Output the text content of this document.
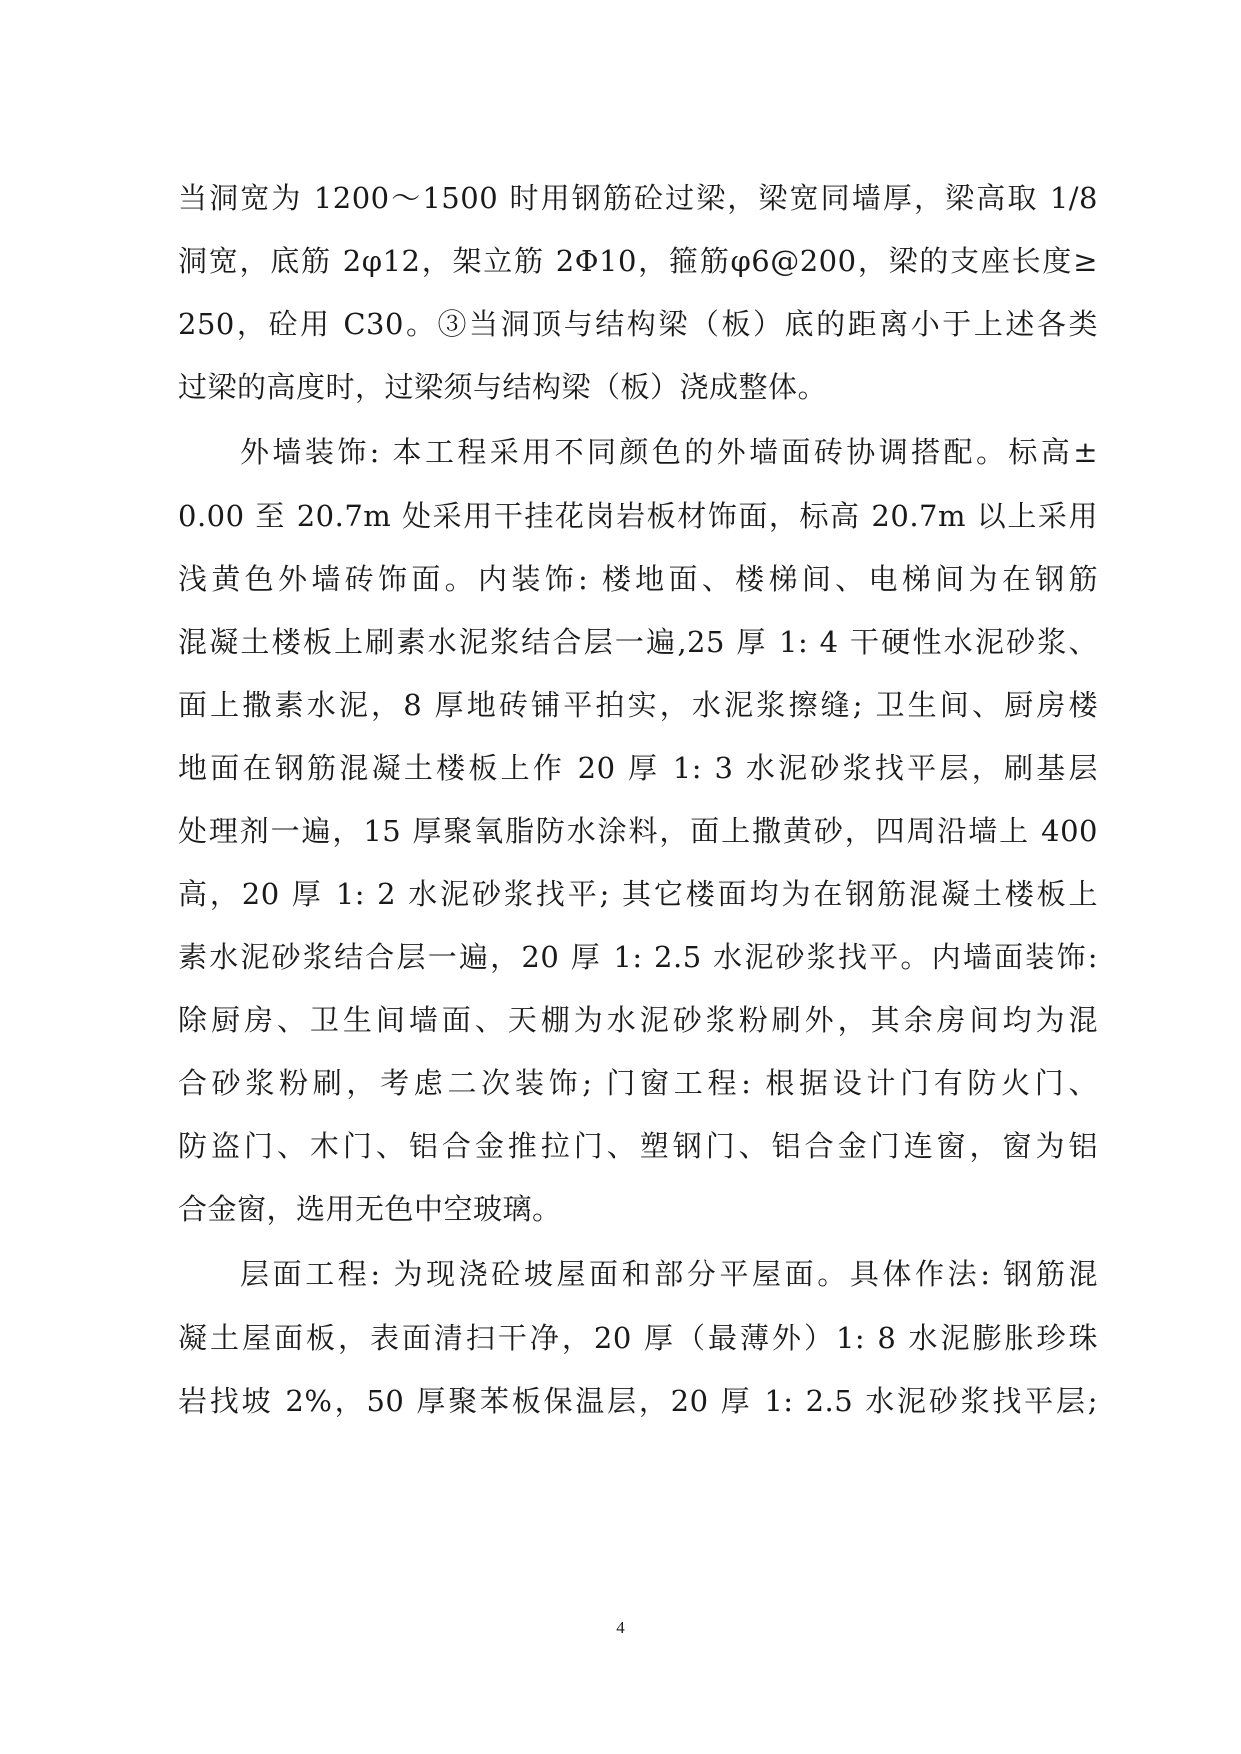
当洞宽为 1200～1500 时用钢筋砼过梁，梁宽同墙厚，梁高取 1/8
洞宽，底筋 2φ12，架立筋 2Φ10，箍筋φ6@200，梁的支座长度≥
250，砼用 C30。③当洞顶与结构梁（板）底的距离小于上述各类
过梁的高度时，过梁须与结构梁（板）浇成整体。
外墙装饰: 本工程采用不同颜色的外墙面砖协调搭配。标高±
0.00 至 20.7m 处采用干挂花岗岩板材饰面，标高 20.7m 以上采用
浅黄色外墙砖饰面。内装饰: 楼地面、楼梯间、电梯间为在钢筋
混凝土楼板上刷素水泥浆结合层一遍,25 厚 1: 4 干硬性水泥砂浆、
面上撒素水泥，8 厚地砖铺平拍实，水泥浆擦缝; 卫生间、厨房楼
地面在钢筋混凝土楼板上作 20 厚 1: 3 水泥砂浆找平层，刷基层
处理剂一遍，15 厚聚氧脂防水涂料，面上撒黄砂，四周沿墙上 400
高，20 厚 1: 2 水泥砂浆找平; 其它楼面均为在钢筋混凝土楼板上
素水泥砂浆结合层一遍，20 厚 1: 2.5 水泥砂浆找平。内墙面装饰:
除厨房、卫生间墙面、天棚为水泥砂浆粉刷外，其余房间均为混
合砂浆粉刷，考虑二次装饰; 门窗工程: 根据设计门有防火门、
防盗门、木门、铝合金推拉门、塑钢门、铝合金门连窗，窗为铝
合金窗，选用无色中空玻璃。
层面工程: 为现浇砼坡屋面和部分平屋面。具体作法: 钢筋混
凝土屋面板，表面清扫干净，20 厚（最薄外）1: 8 水泥膨胀珍珠
岩找坡 2%，50 厚聚苯板保温层，20 厚 1: 2.5 水泥砂浆找平层;
4
